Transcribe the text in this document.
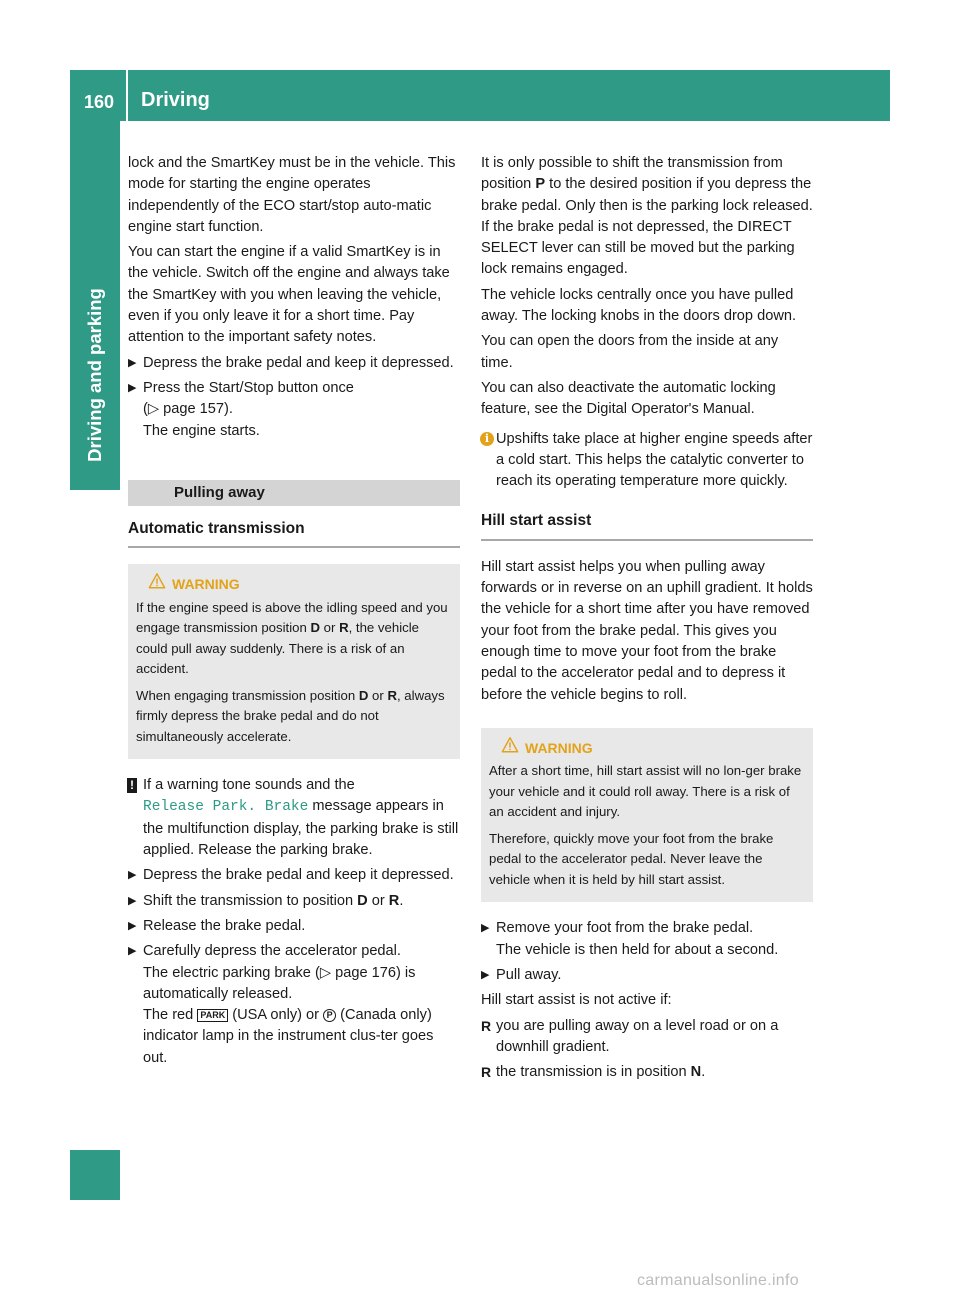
160 Driving
Driving and parking

lock and the SmartKey must be in the vehicle. This mode for starting the engine operates independently of the ECO start/stop auto-matic engine start function.

You can start the engine if a valid SmartKey is in the vehicle. Switch off the engine and always take the SmartKey with you when leaving the vehicle, even if you only leave it for a short time. Pay attention to the important safety notes.

▶ Depress the brake pedal and keep it depressed.
▶ Press the Start/Stop button once
(▷ page 157).
The engine starts.
Pulling away
Automatic transmission
WARNING

If the engine speed is above the idling speed and you engage transmission position D or R, the vehicle could pull away suddenly. There is a risk of an accident.

When engaging transmission position D or R, always firmly depress the brake pedal and do not simultaneously accelerate.

! If a warning tone sounds and the
Release Park. Brake message appears in the multifunction display, the parking brake is still applied. Release the parking brake.
▶ Depress the brake pedal and keep it depressed.
▶ Shift the transmission to position D or R.
▶ Release the brake pedal.
▶ Carefully depress the accelerator pedal.
The electric parking brake (▷ page 176) is automatically released.
The red PARK (USA only) or P (Canada only) indicator lamp in the instrument clus-ter goes out.

It is only possible to shift the transmission from position P to the desired position if you depress the brake pedal. Only then is the parking lock released. If the brake pedal is not depressed, the DIRECT SELECT lever can still be moved but the parking lock remains engaged.

The vehicle locks centrally once you have pulled away. The locking knobs in the doors drop down.

You can open the doors from the inside at any time.

You can also deactivate the automatic locking feature, see the Digital Operator's Manual.

i Upshifts take place at higher engine speeds after a cold start. This helps the catalytic converter to reach its operating temperature more quickly.
Hill start assist

Hill start assist helps you when pulling away forwards or in reverse on an uphill gradient. It holds the vehicle for a short time after you have removed your foot from the brake pedal. This gives you enough time to move your foot from the brake pedal to the accelerator pedal and to depress it before the vehicle begins to roll.

WARNING

After a short time, hill start assist will no lon-ger brake your vehicle and it could roll away. There is a risk of an accident and injury.

Therefore, quickly move your foot from the brake pedal to the accelerator pedal. Never leave the vehicle when it is held by hill start assist.

▶ Remove your foot from the brake pedal.
The vehicle is then held for about a second.
▶ Pull away.

Hill start assist is not active if:

R you are pulling away on a level road or on a downhill gradient.
R the transmission is in position N.
carmanualsonline.info
